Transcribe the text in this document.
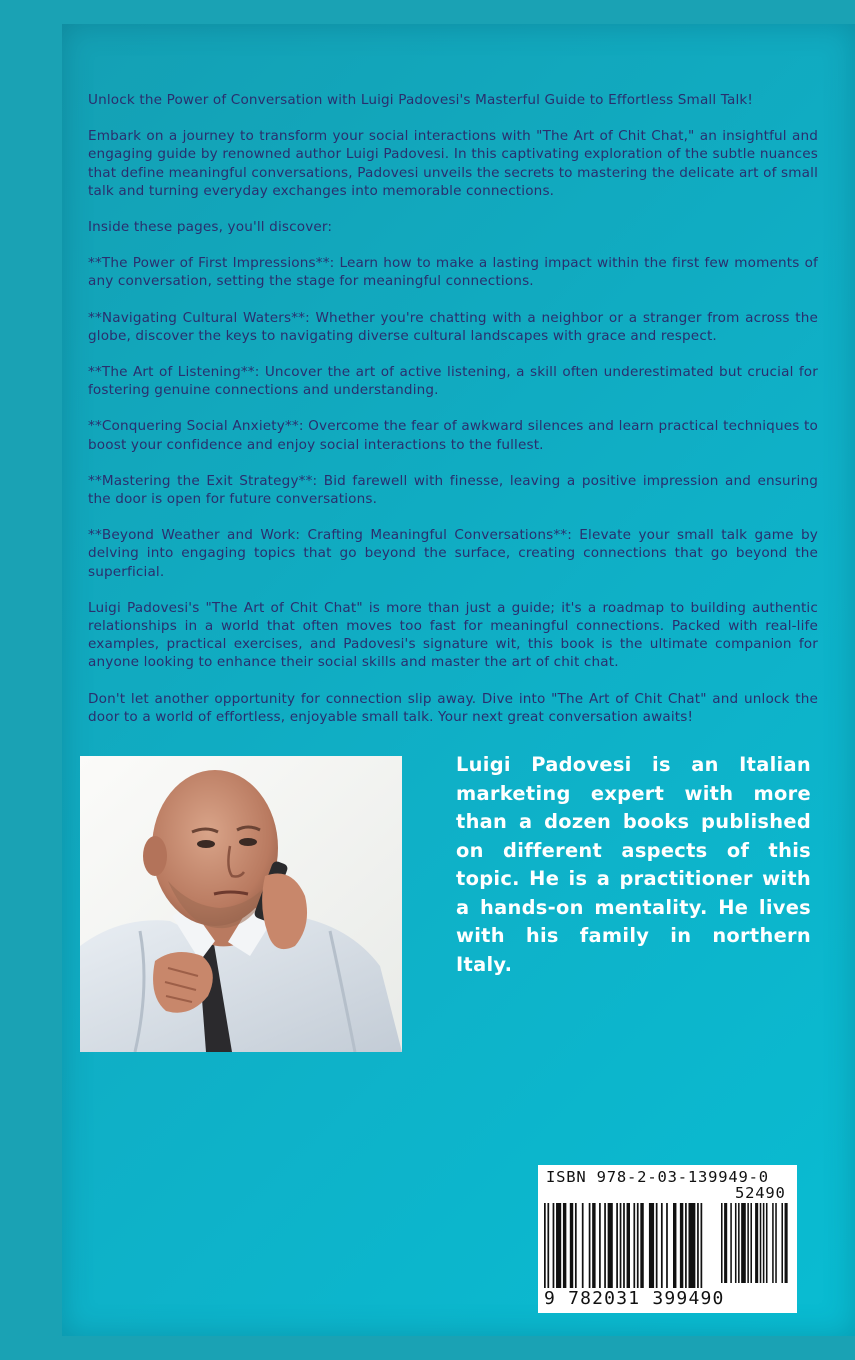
Unlock the Power of Conversation with Luigi Padovesi's Masterful Guide to Effortless Small Talk!

Embark on a journey to transform your social interactions with "The Art of Chit Chat," an insightful and engaging guide by renowned author Luigi Padovesi. In this captivating exploration of the subtle nuances that define meaningful conversations, Padovesi unveils the secrets to mastering the delicate art of small talk and turning everyday exchanges into memorable connections.

Inside these pages, you'll discover:

**The Power of First Impressions**: Learn how to make a lasting impact within the first few moments of any conversation, setting the stage for meaningful connections.

**Navigating Cultural Waters**: Whether you're chatting with a neighbor or a stranger from across the globe, discover the keys to navigating diverse cultural landscapes with grace and respect.

**The Art of Listening**: Uncover the art of active listening, a skill often underestimated but crucial for fostering genuine connections and understanding.

**Conquering Social Anxiety**: Overcome the fear of awkward silences and learn practical techniques to boost your confidence and enjoy social interactions to the fullest.

**Mastering the Exit Strategy**: Bid farewell with finesse, leaving a positive impression and ensuring the door is open for future conversations.

**Beyond Weather and Work: Crafting Meaningful Conversations**: Elevate your small talk game by delving into engaging topics that go beyond the surface, creating connections that go beyond the superficial.

Luigi Padovesi's "The Art of Chit Chat" is more than just a guide; it's a roadmap to building authentic relationships in a world that often moves too fast for meaningful connections. Packed with real-life examples, practical exercises, and Padovesi's signature wit, this book is the ultimate companion for anyone looking to enhance their social skills and master the art of chit chat.

Don't let another opportunity for connection slip away. Dive into "The Art of Chit Chat" and unlock the door to a world of effortless, enjoyable small talk. Your next great conversation awaits!

Luigi Padovesi is an Italian marketing expert with more than a dozen books published on different aspects of this topic. He is a practitioner with a hands-on mentality. He lives with his family in northern Italy.
ISBN 978-2-03-139949-0
52490
9 782031 399490
